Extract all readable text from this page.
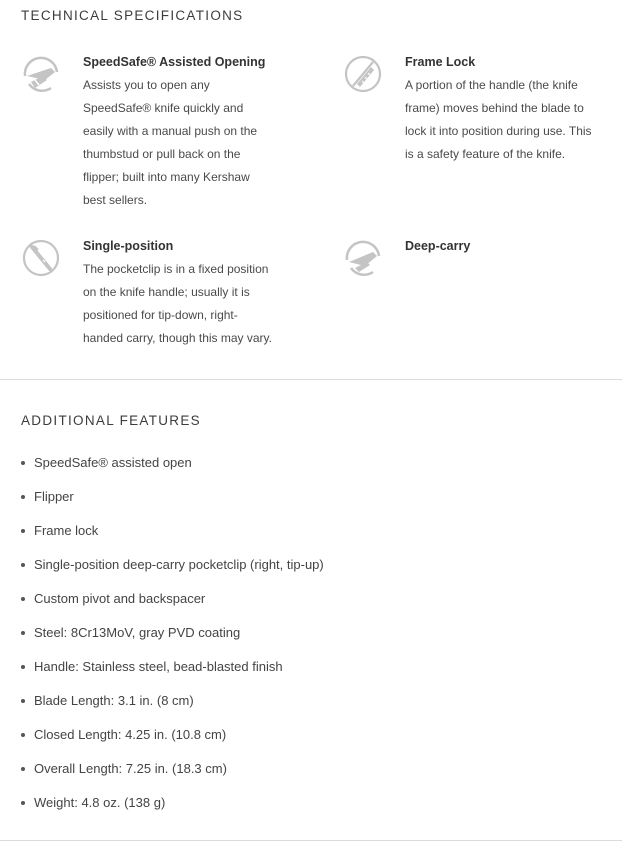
TECHNICAL SPECIFICATIONS

SpeedSafe® Assisted Opening

Assists you to open any
SpeedSafe® knife quickly and
easily with a manual push on the
thumbstud or pull back on the
flipper; built into many Kershaw
best sellers.

Frame Lock

A portion of the handle (the knife
frame) moves behind the blade to
lock it into position during use. This
is a safety feature of the knife.

Single-position

The pocketclip is in a fixed position
on the knife handle; usually it is
positioned for tip-down, right-
handed carry, though this may vary.

Deep-carry

ADDITIONAL FEATURES
SpeedSafe® assisted open
Flipper
Frame lock
Single-position deep-carry pocketclip (right, tip-up)
Custom pivot and backspacer
Steel: 8Cr13MoV, gray PVD coating
Handle: Stainless steel, bead-blasted finish
Blade Length: 3.1 in. (8 cm)
Closed Length: 4.25 in. (10.8 cm)
Overall Length: 7.25 in. (18.3 cm)
Weight: 4.8 oz. (138 g)
